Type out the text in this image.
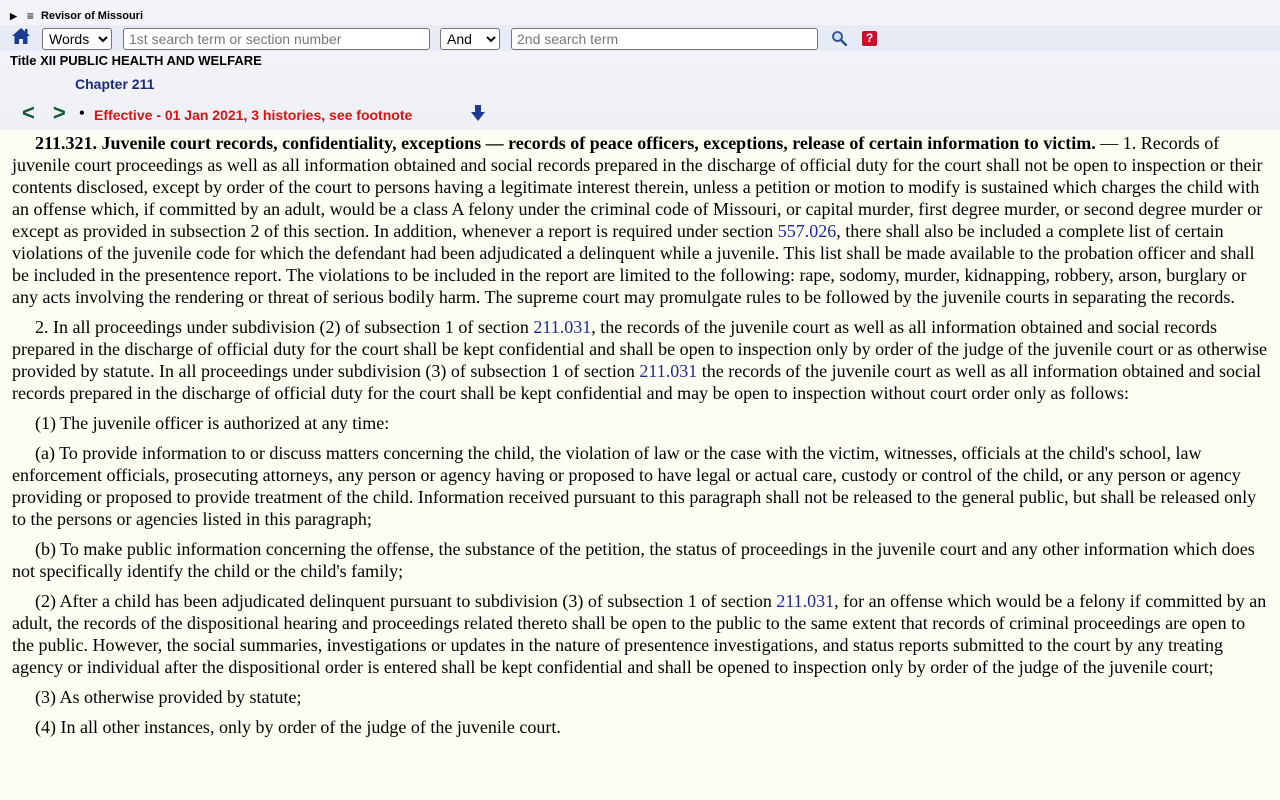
▶ ≡ Revisor of Missouri
Words
1st search term or section number
And
2nd search term
?
Title XII PUBLIC HEALTH AND WELFARE
Chapter 211
< > • Effective - 01 Jan 2021, 3 histories, see footnote

211.321. Juvenile court records, confidentiality, exceptions — records of peace officers, exceptions, release of certain information to victim. — 1. Records of juvenile court proceedings as well as all information obtained and social records prepared in the discharge of official duty for the court shall not be open to inspection or their contents disclosed, except by order of the court to persons having a legitimate interest therein, unless a petition or motion to modify is sustained which charges the child with an offense which, if committed by an adult, would be a class A felony under the criminal code of Missouri, or capital murder, first degree murder, or second degree murder or except as provided in subsection 2 of this section. In addition, whenever a report is required under section 557.026, there shall also be included a complete list of certain violations of the juvenile code for which the defendant had been adjudicated a delinquent while a juvenile. This list shall be made available to the probation officer and shall be included in the presentence report. The violations to be included in the report are limited to the following: rape, sodomy, murder, kidnapping, robbery, arson, burglary or any acts involving the rendering or threat of serious bodily harm. The supreme court may promulgate rules to be followed by the juvenile courts in separating the records.

2. In all proceedings under subdivision (2) of subsection 1 of section 211.031, the records of the juvenile court as well as all information obtained and social records prepared in the discharge of official duty for the court shall be kept confidential and shall be open to inspection only by order of the judge of the juvenile court or as otherwise provided by statute. In all proceedings under subdivision (3) of subsection 1 of section 211.031 the records of the juvenile court as well as all information obtained and social records prepared in the discharge of official duty for the court shall be kept confidential and may be open to inspection without court order only as follows:

(1) The juvenile officer is authorized at any time:

(a) To provide information to or discuss matters concerning the child, the violation of law or the case with the victim, witnesses, officials at the child's school, law enforcement officials, prosecuting attorneys, any person or agency having or proposed to have legal or actual care, custody or control of the child, or any person or agency providing or proposed to provide treatment of the child. Information received pursuant to this paragraph shall not be released to the general public, but shall be released only to the persons or agencies listed in this paragraph;

(b) To make public information concerning the offense, the substance of the petition, the status of proceedings in the juvenile court and any other information which does not specifically identify the child or the child's family;

(2) After a child has been adjudicated delinquent pursuant to subdivision (3) of subsection 1 of section 211.031, for an offense which would be a felony if committed by an adult, the records of the dispositional hearing and proceedings related thereto shall be open to the public to the same extent that records of criminal proceedings are open to the public. However, the social summaries, investigations or updates in the nature of presentence investigations, and status reports submitted to the court by any treating agency or individual after the dispositional order is entered shall be kept confidential and shall be opened to inspection only by order of the judge of the juvenile court;

(3) As otherwise provided by statute;

(4) In all other instances, only by order of the judge of the juvenile court.
